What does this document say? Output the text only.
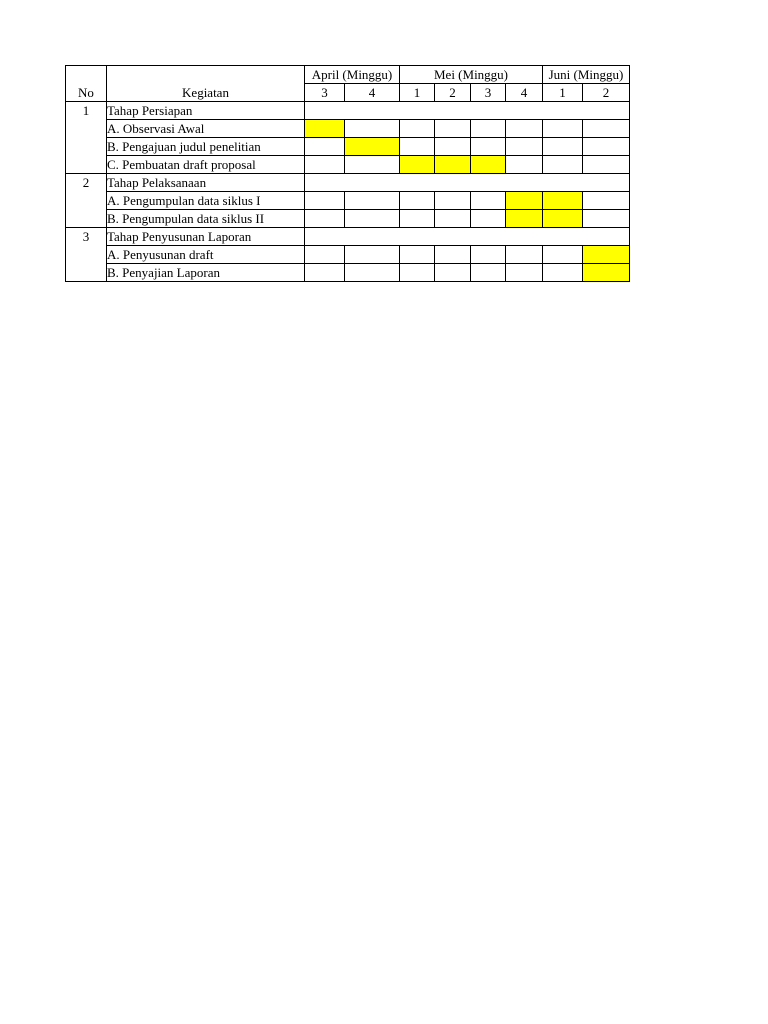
No	Kegiatan	April (Minggu)		Mei (Minggu)				Juni (Minggu)	
		3	4	1	2	3	4	1	2
1	Tahap Persiapan								
	A. Observasi Awal								
	B. Pengajuan judul penelitian								
	C. Pembuatan draft proposal								
2	Tahap Pelaksanaan								
	A. Pengumpulan data siklus I								
	B. Pengumpulan data siklus II								
3	Tahap Penyusunan Laporan								
	A. Penyusunan draft								
	B. Penyajian Laporan								
